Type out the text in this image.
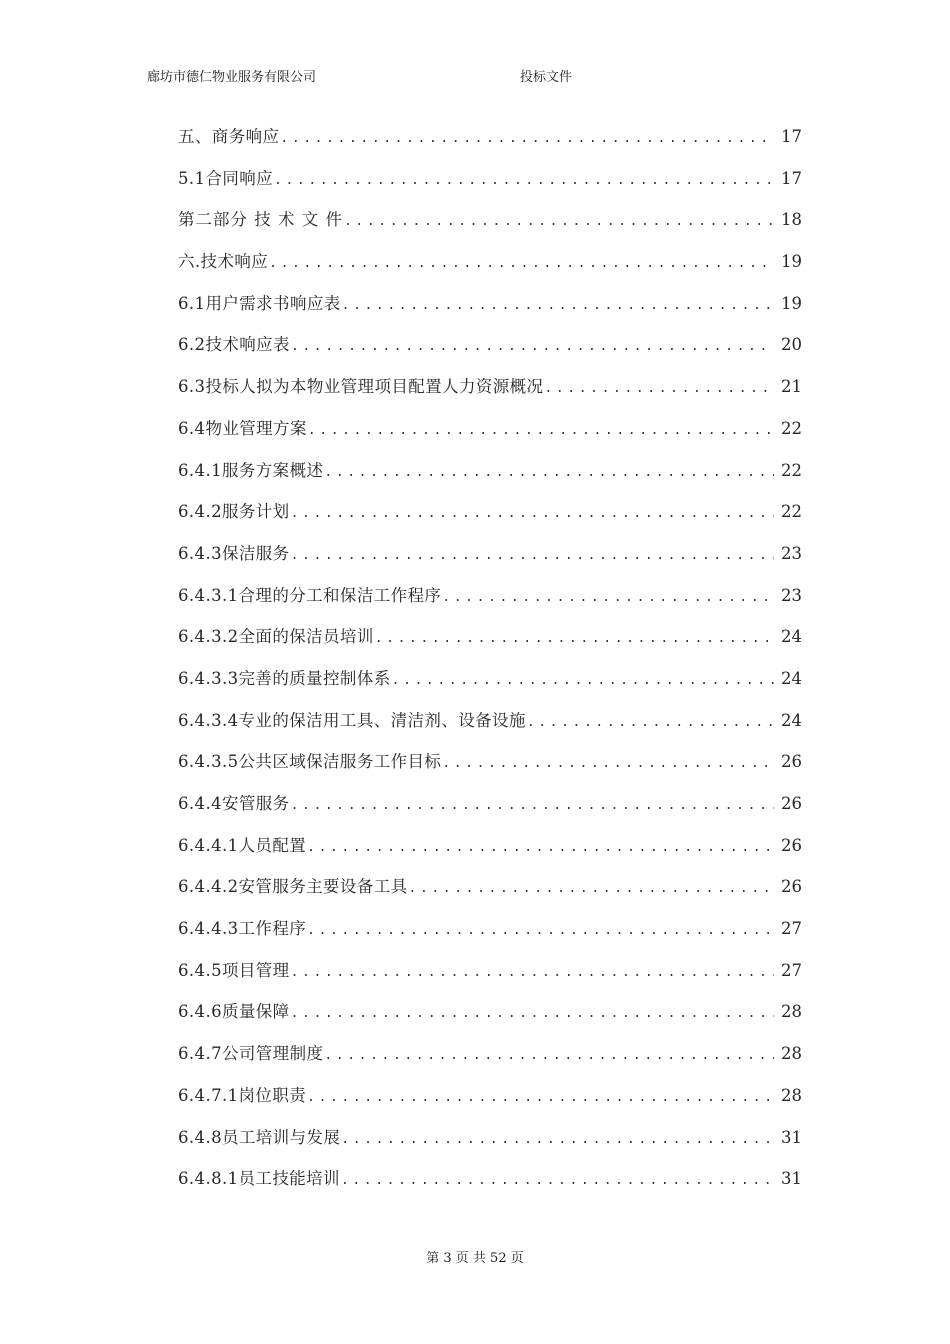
廊坊市德仁物业服务有限公司	投标文件
五、商务响应 .....	17
5.1合同响应 .....	17
第二部分 技 术 文 件 .....	18
六.技术响应 .....	19
6.1用户需求书响应表 .....	19
6.2技术响应表 .....	20
6.3投标人拟为本物业管理项目配置人力资源概况 .....	21
6.4物业管理方案 .....	22
6.4.1服务方案概述 .....	22
6.4.2服务计划 .....	22
6.4.3保洁服务 .....	23
6.4.3.1合理的分工和保洁工作程序 .....	23
6.4.3.2全面的保洁员培训 .....	24
6.4.3.3完善的质量控制体系 .....	24
6.4.3.4专业的保洁用工具、清洁剂、设备设施 .....	24
6.4.3.5公共区域保洁服务工作目标 .....	26
6.4.4安管服务 .....	26
6.4.4.1人员配置 .....	26
6.4.4.2安管服务主要设备工具 .....	26
6.4.4.3工作程序 .....	27
6.4.5项目管理 .....	27
6.4.6质量保障 .....	28
6.4.7公司管理制度 .....	28
6.4.7.1岗位职责 .....	28
6.4.8员工培训与发展 .....	31
6.4.8.1员工技能培训 .....	31
第 3 页 共 52 页
